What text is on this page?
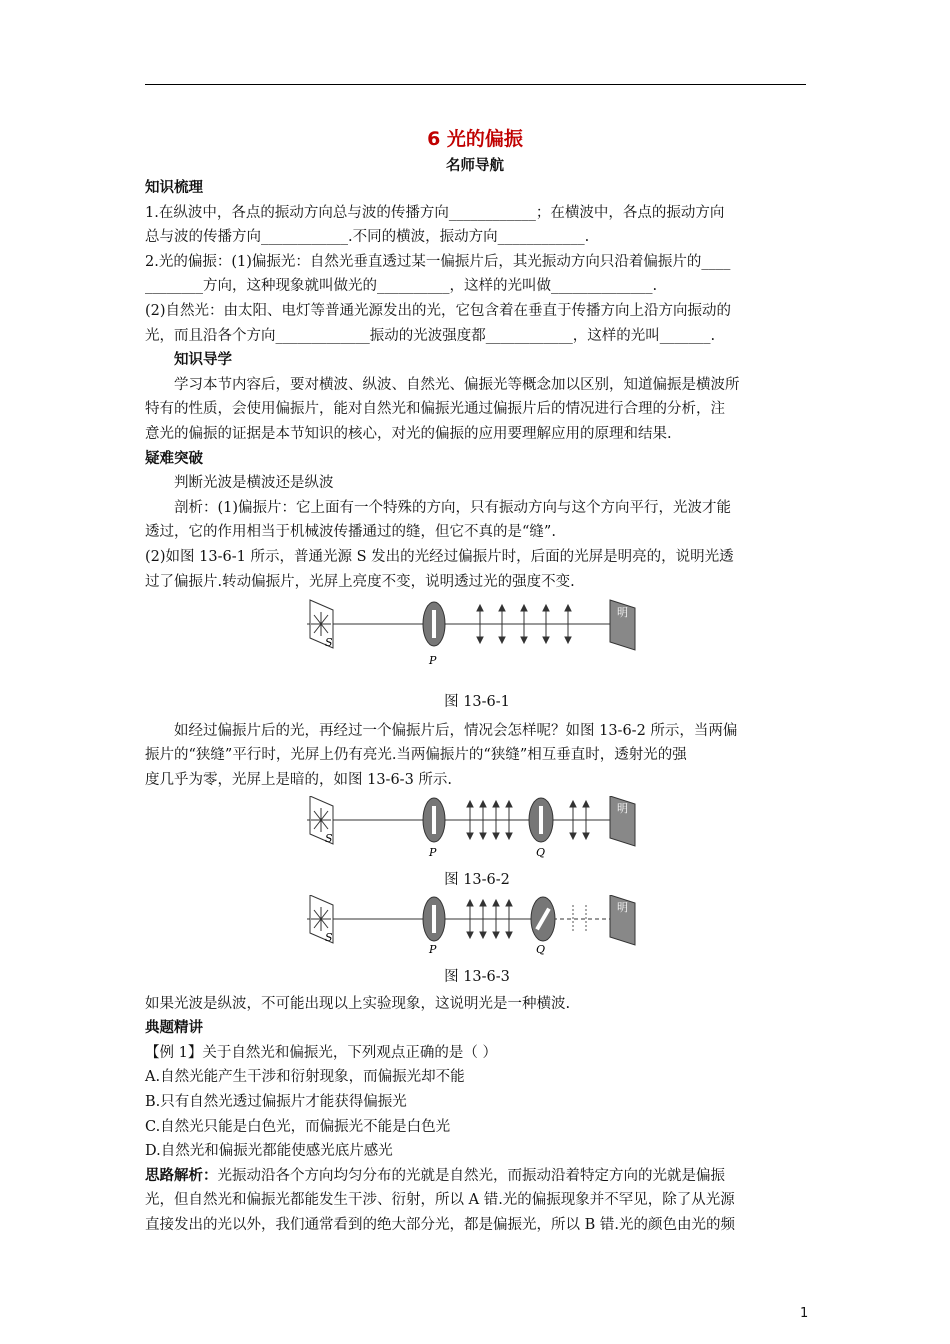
6 光的偏振
名师导航

知识梳理

1.在纵波中，各点的振动方向总与波的传播方向____________；在横波中，各点的振动方向

总与波的传播方向____________.不同的横波，振动方向____________.

2.光的偏振：(1)偏振光：自然光垂直透过某一偏振片后，其光振动方向只沿着偏振片的____

________方向，这种现象就叫做光的__________，这样的光叫做______________.

(2)自然光：由太阳、电灯等普通光源发出的光，它包含着在垂直于传播方向上沿方向振动的

光，而且沿各个方向_____________振动的光波强度都____________，这样的光叫_______.

知识导学

学习本节内容后，要对横波、纵波、自然光、偏振光等概念加以区别，知道偏振是横波所

特有的性质，会使用偏振片，能对自然光和偏振光通过偏振片后的情况进行合理的分析，注

意光的偏振的证据是本节知识的核心，对光的偏振的应用要理解应用的原理和结果.

疑难突破

判断光波是横波还是纵波

剖析：(1)偏振片：它上面有一个特殊的方向，只有振动方向与这个方向平行，光波才能

透过，它的作用相当于机械波传播通过的缝，但它不真的是“缝”.

(2)如图 13-6-1 所示，普通光源 S 发出的光经过偏振片时，后面的光屏是明亮的，说明光透

过了偏振片.转动偏振片，光屏上亮度不变，说明透过光的强度不变.

S
P
明

图 13-6-1

如经过偏振片后的光，再经过一个偏振片后，情况会怎样呢？如图 13-6-2 所示，当两偏

振片的“狭缝”平行时，光屏上仍有亮光.当两偏振片的“狭缝”相互垂直时，透射光的强

度几乎为零，光屏上是暗的，如图 13-6-3 所示.

S
P	Q
明

图 13-6-2

S
P	Q
明

图 13-6-3

如果光波是纵波，不可能出现以上实验现象，这说明光是一种横波.

典题精讲

【例 1】关于自然光和偏振光，下列观点正确的是（ ）

A.自然光能产生干涉和衍射现象，而偏振光却不能

B.只有自然光透过偏振片才能获得偏振光

C.自然光只能是白色光，而偏振光不能是白色光

D.自然光和偏振光都能使感光底片感光

思路解析：光振动沿各个方向均匀分布的光就是自然光，而振动沿着特定方向的光就是偏振

光，但自然光和偏振光都能发生干涉、衍射，所以 A 错.光的偏振现象并不罕见，除了从光源

直接发出的光以外，我们通常看到的绝大部分光，都是偏振光，所以 B 错.光的颜色由光的频

1
